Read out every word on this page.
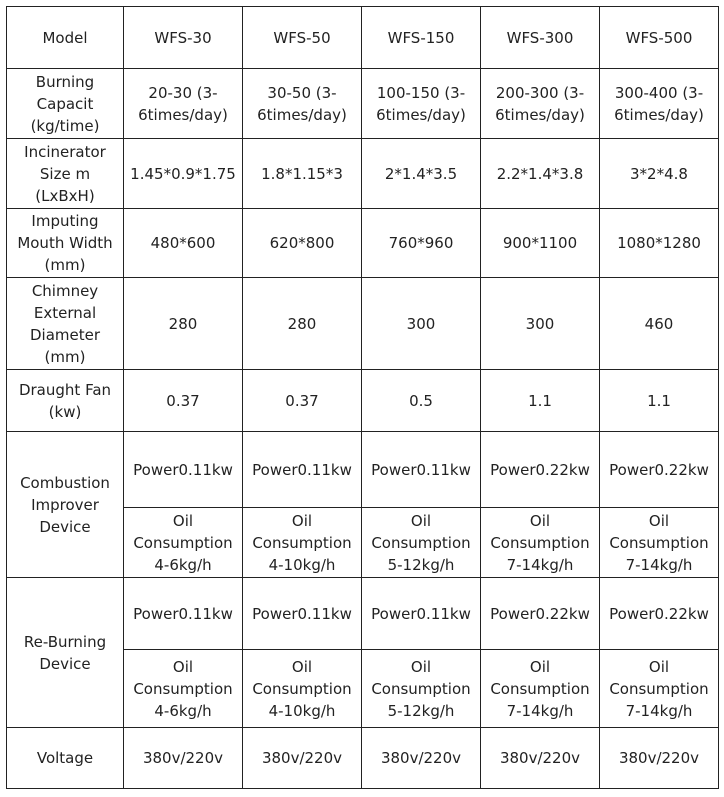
Model	WFS-30	WFS-50	WFS-150	WFS-300	WFS-500
Burning
Capacit
(kg/time)	20-30 (3-
6times/day)	30-50 (3-
6times/day)	100-150 (3-
6times/day)	200-300 (3-
6times/day)	300-400 (3-
6times/day)
Incinerator
Size m
(LxBxH)	1.45*0.9*1.75	1.8*1.15*3	2*1.4*3.5	2.2*1.4*3.8	3*2*4.8
Imputing
Mouth Width
(mm)	480*600	620*800	760*960	900*1100	1080*1280
Chimney
External
Diameter
(mm)	280	280	300	300	460
Draught Fan
(kw)	0.37	0.37	0.5	1.1	1.1
Combustion
Improver
Device	Power0.11kw	Power0.11kw	Power0.11kw	Power0.22kw	Power0.22kw
	Oil
Consumption
4-6kg/h	Oil
Consumption
4-10kg/h	Oil
Consumption
5-12kg/h	Oil
Consumption
7-14kg/h	Oil
Consumption
7-14kg/h
Re-Burning
Device	Power0.11kw	Power0.11kw	Power0.11kw	Power0.22kw	Power0.22kw
	Oil
Consumption
4-6kg/h	Oil
Consumption
4-10kg/h	Oil
Consumption
5-12kg/h	Oil
Consumption
7-14kg/h	Oil
Consumption
7-14kg/h
Voltage	380v/220v	380v/220v	380v/220v	380v/220v	380v/220v
